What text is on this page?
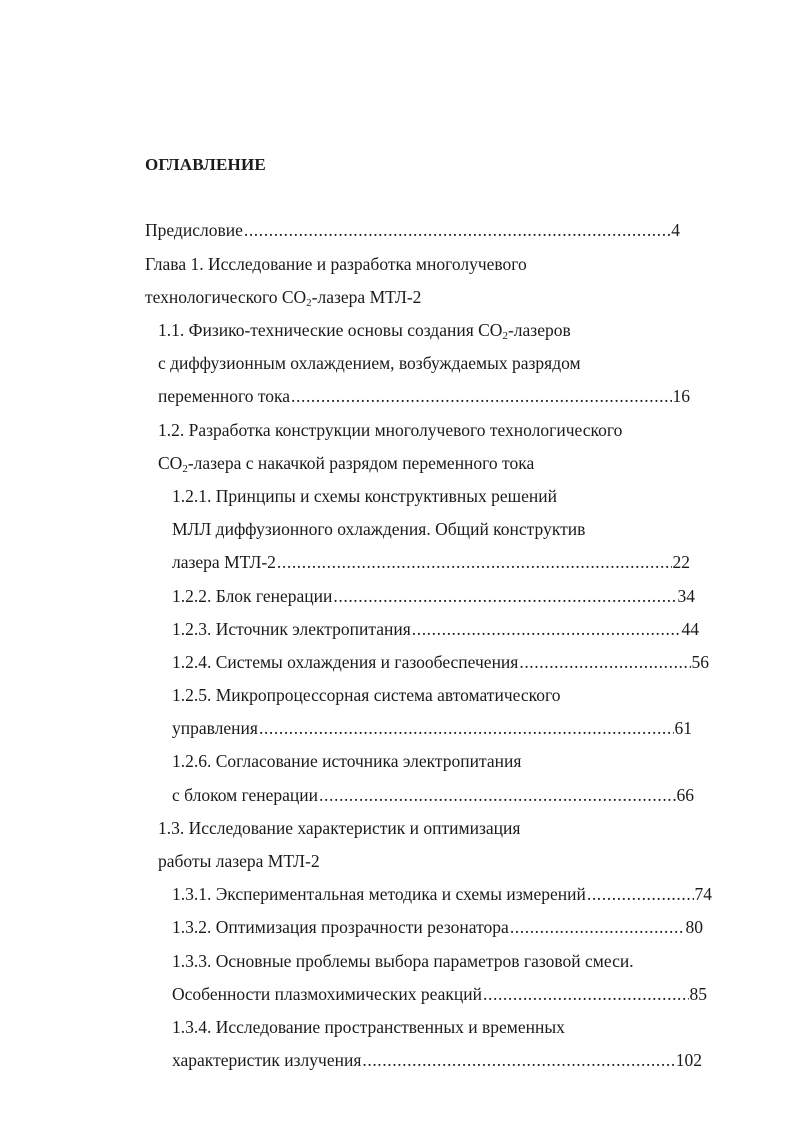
ОГЛАВЛЕНИЕ
Предисловие .....	4
Глава 1. Исследование и разработка многолучевого
технологического $CO_2$-лазера МТЛ-2
1.1. Физико-технические основы создания $CO_2$-лазеров
с диффузионным охлаждением, возбуждаемых разрядом
переменного тока .....	16
1.2. Разработка конструкции многолучевого технологического
$CO_2$-лазера с накачкой разрядом переменного тока
1.2.1. Принципы и схемы конструктивных решений
МЛЛ диффузионного охлаждения. Общий конструктив
лазера МТЛ-2 .....	22
1.2.2. Блок генерации .....	34
1.2.3. Источник электропитания .....	44
1.2.4. Системы охлаждения и газообеспечения .....	56
1.2.5. Микропроцессорная система автоматического
управления .....	61
1.2.6. Согласование источника электропитания
с блоком генерации .....	66
1.3. Исследование характеристик и оптимизация
работы лазера МТЛ-2
1.3.1. Экспериментальная методика и схемы измерений .....	74
1.3.2. Оптимизация прозрачности резонатора .....	80
1.3.3. Основные проблемы выбора параметров газовой смеси.
Особенности плазмохимических реакций .....	85
1.3.4. Исследование пространственных и временных
характеристик излучения .....	102
